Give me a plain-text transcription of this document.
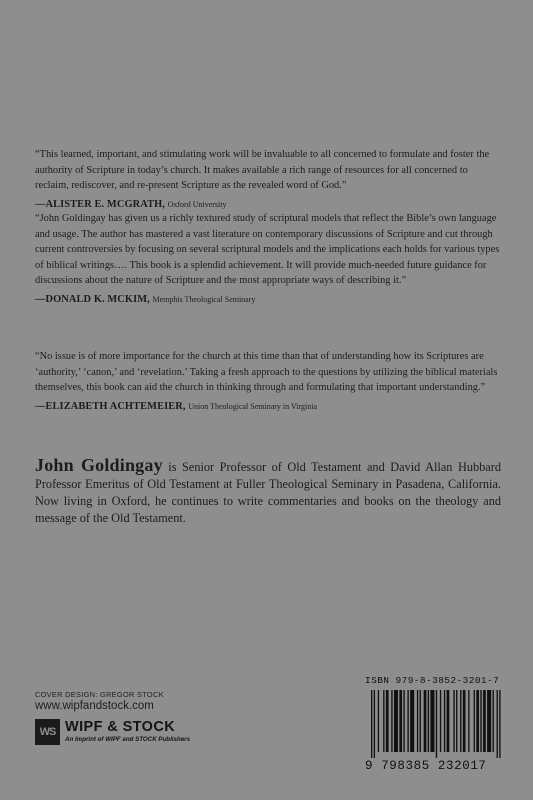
“This learned, important, and stimulating work will be invaluable to all concerned to formulate and foster the authority of Scripture in today’s church. It makes available a rich range of resources for all concerned to reclaim, rediscover, and re-present Scripture as the revealed word of God.”
—ALISTER E. MCGRATH, Oxford University
“John Goldingay has given us a richly textured study of scriptural models that reflect the Bible’s own language and usage. The author has mastered a vast literature on contemporary discussions of Scripture and cut through current controversies by focusing on several scriptural models and the implications each holds for various types of biblical writings…. This book is a splendid achievement. It will provide much-needed future guidance for discussions about the nature of Scripture and the most appropriate ways of describing it.”
—DONALD K. MCKIM, Memphis Theological Seminary
“No issue is of more importance for the church at this time than that of understanding how its Scriptures are ‘authority,’ ‘canon,’ and ‘revelation.’ Taking a fresh approach to the questions by utilizing the biblical materials themselves, this book can aid the church in thinking through and formulating that important understanding.”
—ELIZABETH ACHTEMEIER, Union Theological Seminary in Virginia
John Goldingay is Senior Professor of Old Testament and David Allan Hubbard Professor Emeritus of Old Testament at Fuller Theological Seminary in Pasadena, California. Now living in Oxford, he continues to write commentaries and books on the theology and message of the Old Testament.
COVER DESIGN: GREGOR STOCK
www.wipfandstock.com
WS WIPF & STOCK
An Imprint of WIPF and STOCK Publishers
ISBN 979-8-3852-3201-7
9 798385 232017
